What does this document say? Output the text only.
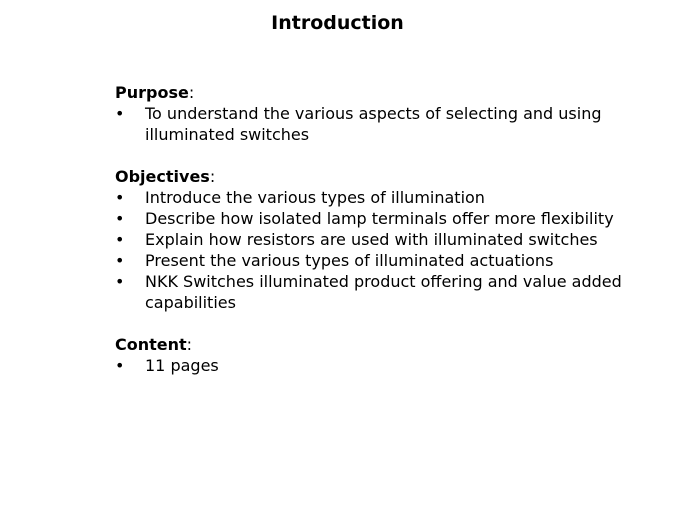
Introduction
Purpose:
• To understand the various aspects of selecting and using illuminated switches
Objectives:
• Introduce the various types of illumination
• Describe how isolated lamp terminals offer more flexibility
• Explain how resistors are used with illuminated switches
• Present the various types of illuminated actuations
• NKK Switches illuminated product offering and value added capabilities
Content:
• 11 pages
